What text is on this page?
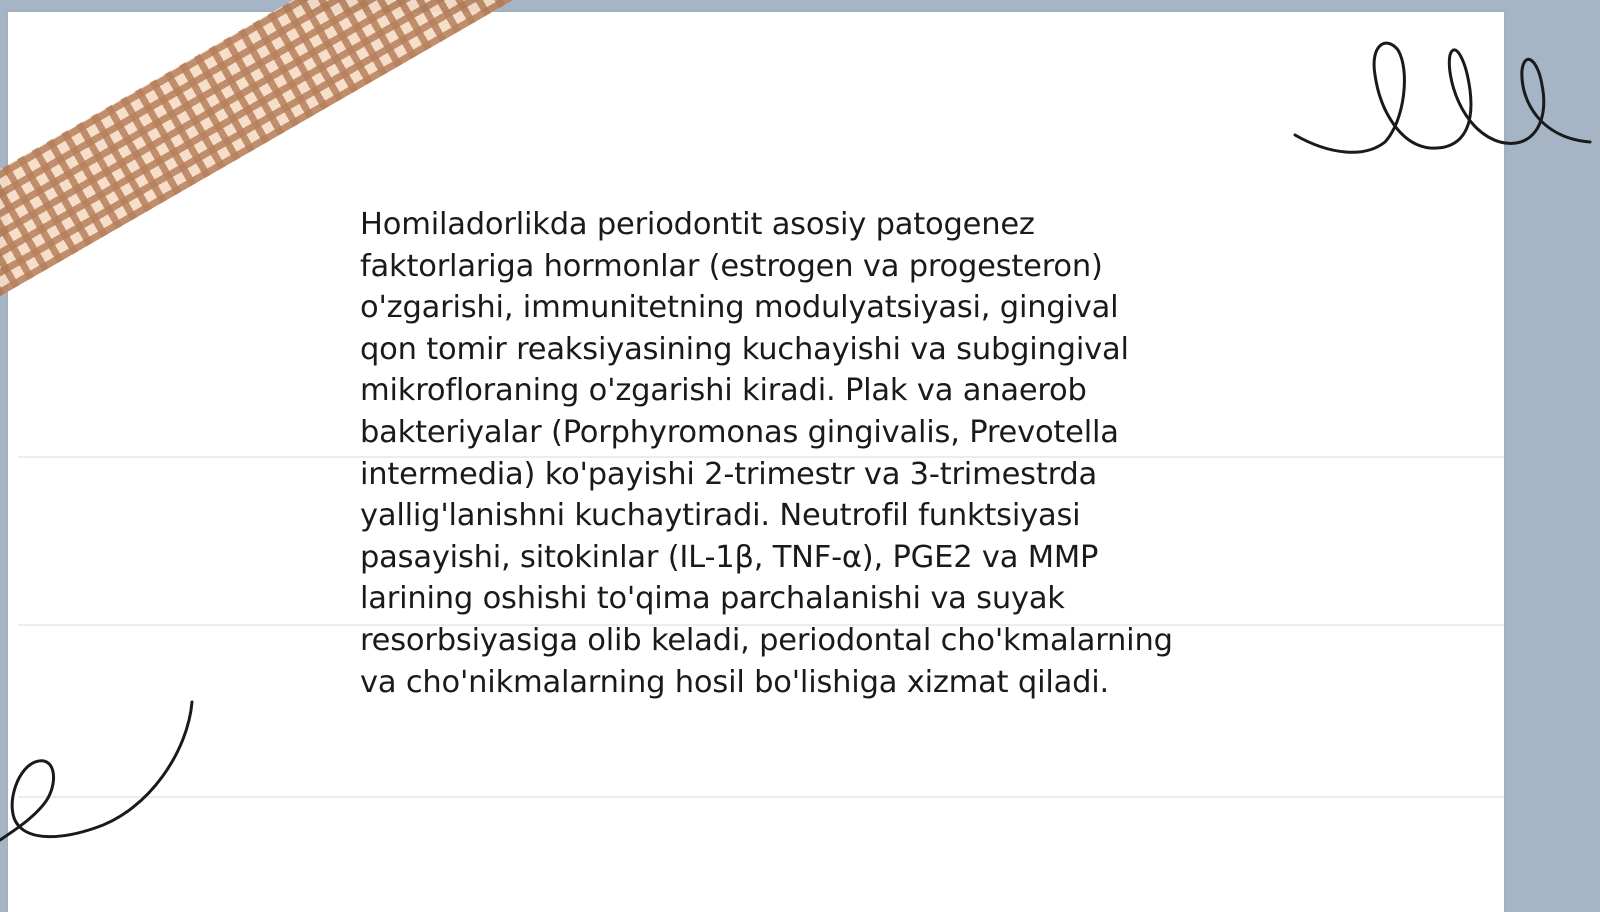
Homiladorlikda periodontit asosiy patogenez
faktorlariga hormonlar (estrogen va progesteron)
o'zgarishi, immunitetning modulyatsiyasi, gingival
qon tomir reaksiyasining kuchayishi va subgingival
mikrofloraning o'zgarishi kiradi. Plak va anaerob
bakteriyalar (Porphyromonas gingivalis, Prevotella
intermedia) ko'payishi 2-trimestr va 3-trimestrda
yallig'lanishni kuchaytiradi. Neutrofil funktsiyasi
pasayishi, sitokinlar (IL-1β, TNF-α), PGE2 va MMP
larining oshishi to'qima parchalanishi va suyak
resorbsiyasiga olib keladi, periodontal cho'kmalarning
va cho'nikmalarning hosil bo'lishiga xizmat qiladi.
